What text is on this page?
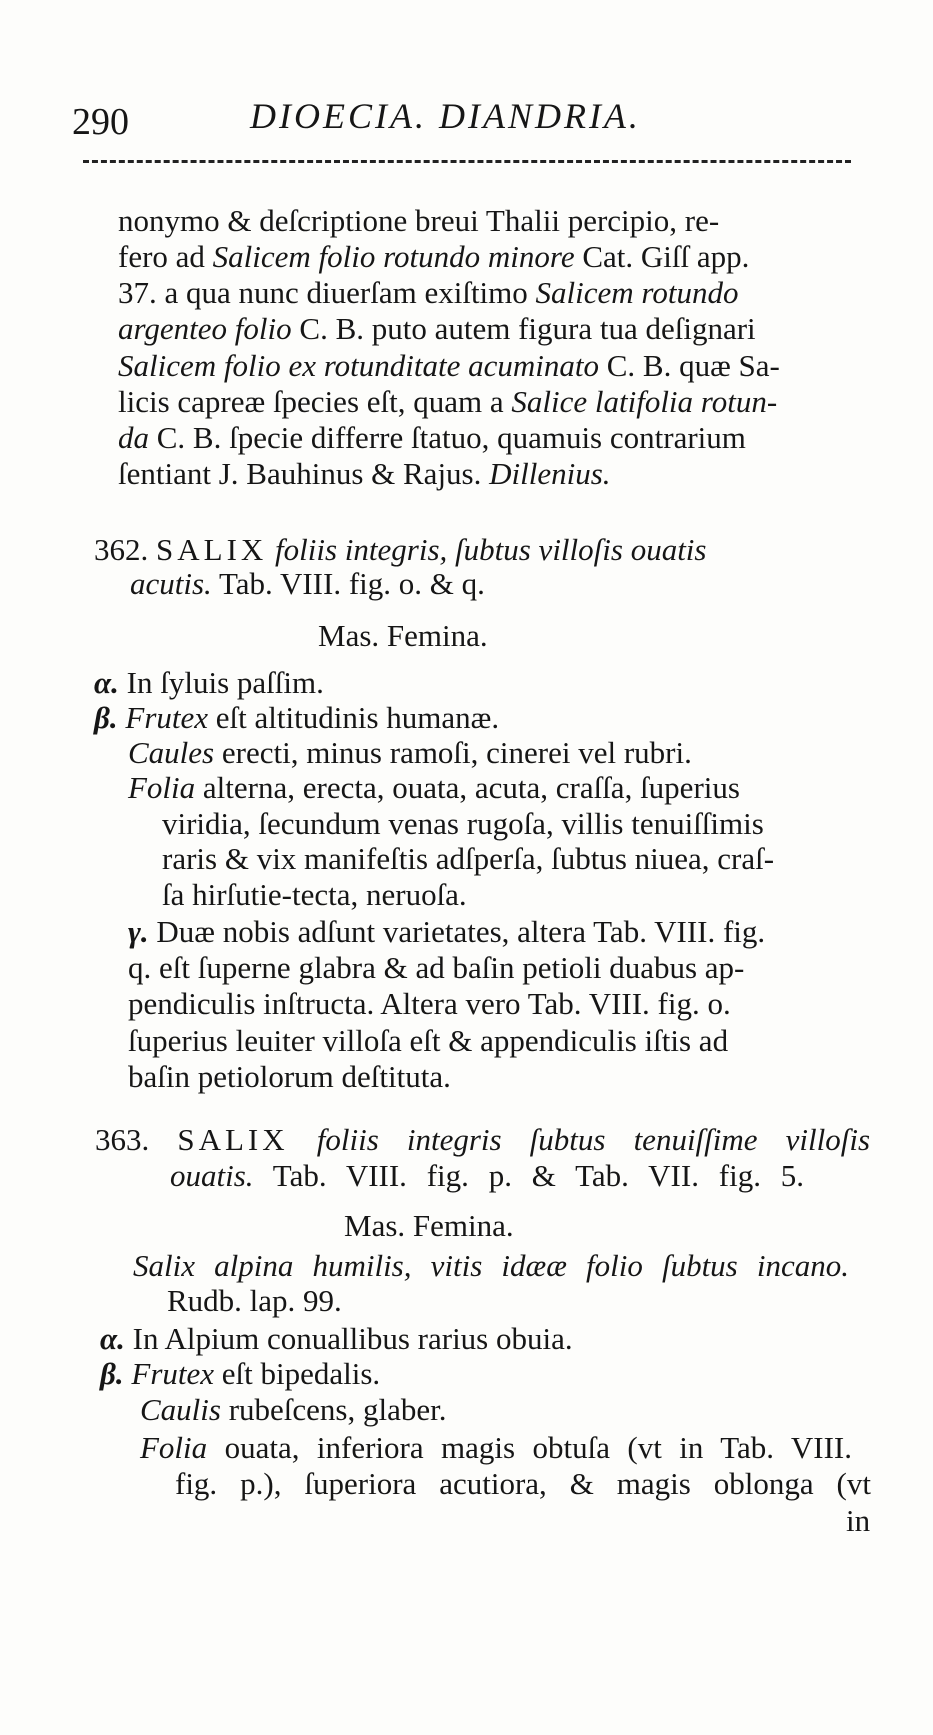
290	DIOECIA. DIANDRIA.
nonymo & deſcriptione breui Thalii percipio, re-
fero ad Salicem folio rotundo minore Cat. Giſſ app.
37. a qua nunc diuerſam exiſtimo Salicem rotundo
argenteo folio C. B. puto autem figura tua deſignari
Salicem folio ex rotunditate acuminato C. B. quæ Sa-
licis capreæ ſpecies eſt, quam a Salice latifolia rotun-
da C. B. ſpecie differre ſtatuo, quamuis contrarium
ſentiant J. Bauhinus & Rajus. Dillenius.
362. SALIX foliis integris, ſubtus villoſis ouatis
acutis. Tab. VIII. fig. o. & q.
Mas. Femina.
α. In ſyluis paſſim.
β. Frutex eſt altitudinis humanæ.
Caules erecti, minus ramoſi, cinerei vel rubri.
Folia alterna, erecta, ouata, acuta, craſſa, ſuperius
viridia, ſecundum venas rugoſa, villis tenuiſſimis
raris & vix manifeſtis adſperſa, ſubtus niuea, craſ-
ſa hirſutie-tecta, neruoſa.
γ. Duæ nobis adſunt varietates, altera Tab. VIII. fig.
q. eſt ſuperne glabra & ad baſin petioli duabus ap-
pendiculis inſtructa. Altera vero Tab. VIII. fig. o.
ſuperius leuiter villoſa eſt & appendiculis iſtis ad
baſin petiolorum deſtituta.
363. SALIX foliis integris ſubtus tenuiſſime villoſis
ouatis. Tab. VIII. fig. p. & Tab. VII. fig. 5.
Mas. Femina.
Salix alpina humilis, vitis idææ folio ſubtus incano.
Rudb. lap. 99.
α. In Alpium conuallibus rarius obuia.
β. Frutex eſt bipedalis.
Caulis rubeſcens, glaber.
Folia ouata, inferiora magis obtuſa (vt in Tab. VIII.
fig. p.), ſuperiora acutiora, & magis oblonga (vt
in
